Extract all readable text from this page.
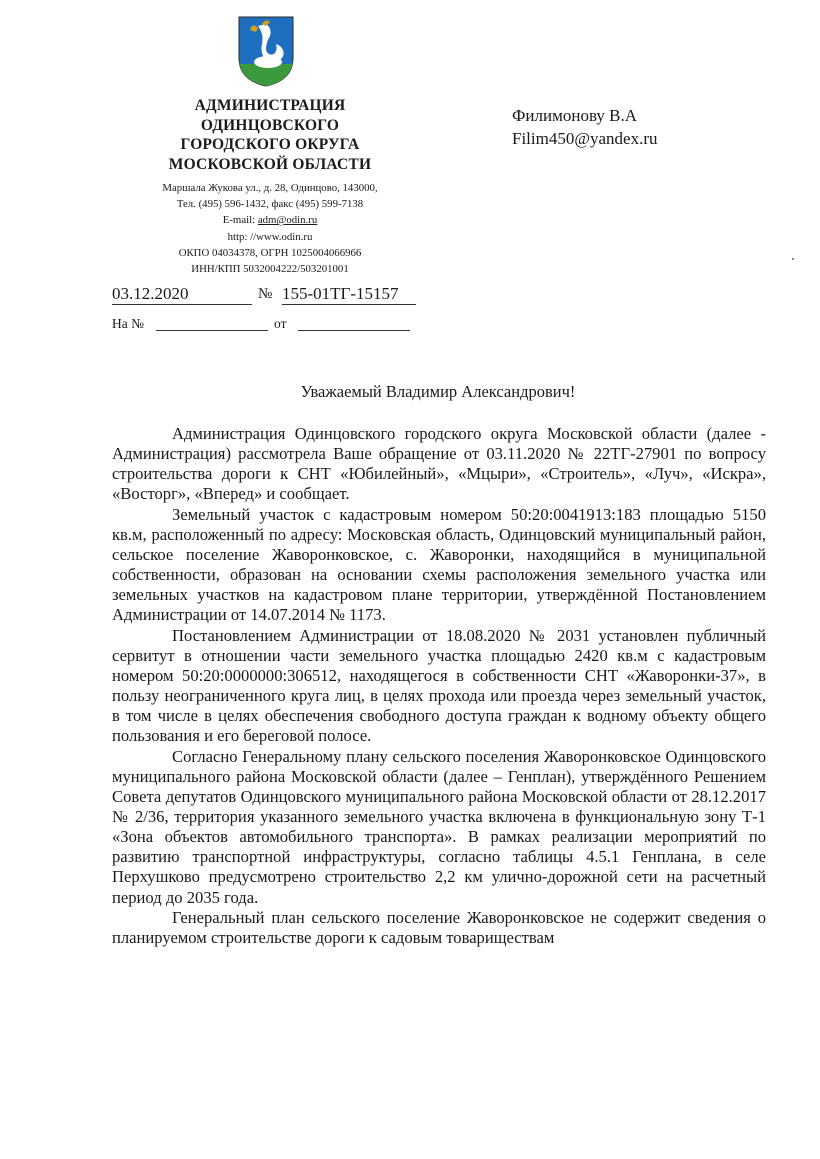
АДМИНИСТРАЦИЯ
ОДИНЦОВСКОГО
ГОРОДСКОГО ОКРУГА
МОСКОВСКОЙ ОБЛАСТИ
Маршала Жукова ул., д. 28, Одинцово, 143000,
Тел. (495) 596-1432, факс (495) 599-7138
E-mail: adm@odin.ru
http: //www.odin.ru
ОКПО 04034378, ОГРН 1025004066966
ИНН/КПП 5032004222/503201001
03.12.2020	№ 155-01ТГ-15157
На №	от
Филимонову В.А
Filim450@yandex.ru
Уважаемый Владимир Александрович!

Администрация Одинцовского городского округа Московской области (далее - Администрация) рассмотрела Ваше обращение от 03.11.2020 № 22ТГ-27901 по вопросу строительства дороги к СНТ «Юбилейный», «Мцыри», «Строитель», «Луч», «Искра», «Восторг», «Вперед» и сообщает.

Земельный участок с кадастровым номером 50:20:0041913:183 площадью 5150 кв.м, расположенный по адресу: Московская область, Одинцовский муниципальный район, сельское поселение Жаворонковское, с. Жаворонки, находящийся в муниципальной собственности, образован на основании схемы расположения земельного участка или земельных участков на кадастровом плане территории, утверждённой Постановлением Администрации от 14.07.2014 № 1173.

Постановлением Администрации от 18.08.2020 № 2031 установлен публичный сервитут в отношении части земельного участка площадью 2420 кв.м с кадастровым номером 50:20:0000000:306512, находящегося в собственности СНТ «Жаворонки-37», в пользу неограниченного круга лиц, в целях прохода или проезда через земельный участок, в том числе в целях обеспечения свободного доступа граждан к водному объекту общего пользования и его береговой полосе.

Согласно Генеральному плану сельского поселения Жаворонковское Одинцовского муниципального района Московской области (далее – Генплан), утверждённого Решением Совета депутатов Одинцовского муниципального района Московской области от 28.12.2017 № 2/36, территория указанного земельного участка включена в функциональную зону Т-1 «Зона объектов автомобильного транспорта». В рамках реализации мероприятий по развитию транспортной инфраструктуры, согласно таблицы 4.5.1 Генплана, в селе Перхушково предусмотрено строительство 2,2 км улично-дорожной сети на расчетный период до 2035 года.

Генеральный план сельского поселение Жаворонковское не содержит сведения о планируемом строительстве дороги к садовым товариществам
